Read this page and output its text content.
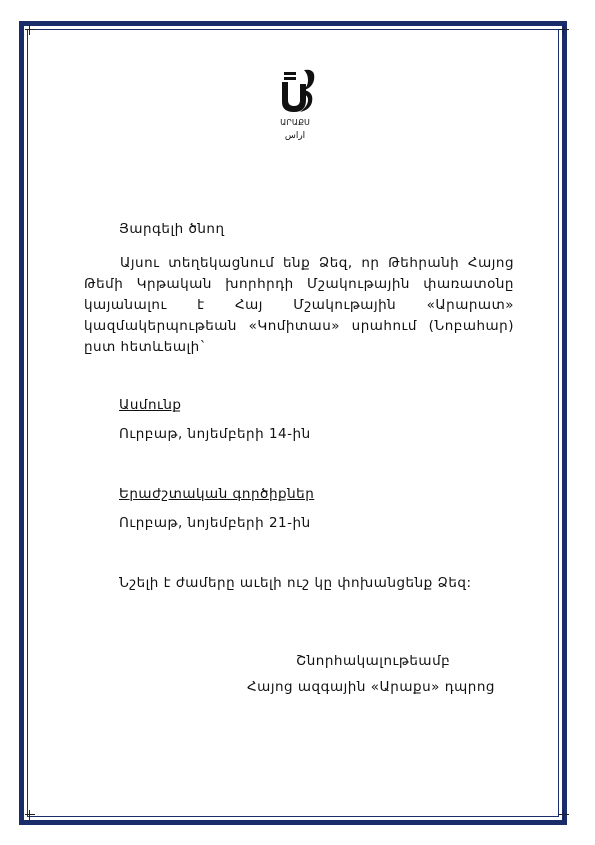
ԱՐԱՔՍ
ﺍﺭﺍﺱ
Յարգելի ծնող
Այսու տեղեկացնում ենք Ձեզ, որ Թեհրանի Հայոց Թեմի Կրթական խորհրդի Մշակութային փառատօնը կայանալու է Հայ Մշակութային «Արարատ» կազմակերպութեան «Կոմիտաս» սրահում (Նոբահար) ըստ հետևեալի`
Ասմունք
Ուրբաթ, նոյեմբերի 14-ին
Երաժշտական գործիքներ
Ուրբաթ, նոյեմբերի 21-ին
Նշելի է ժամերը աւելի ուշ կը փոխանցենք Ձեզ:
Շնորհակալութեամբ
Հայոց ազգային «Արաքս» դպրոց
